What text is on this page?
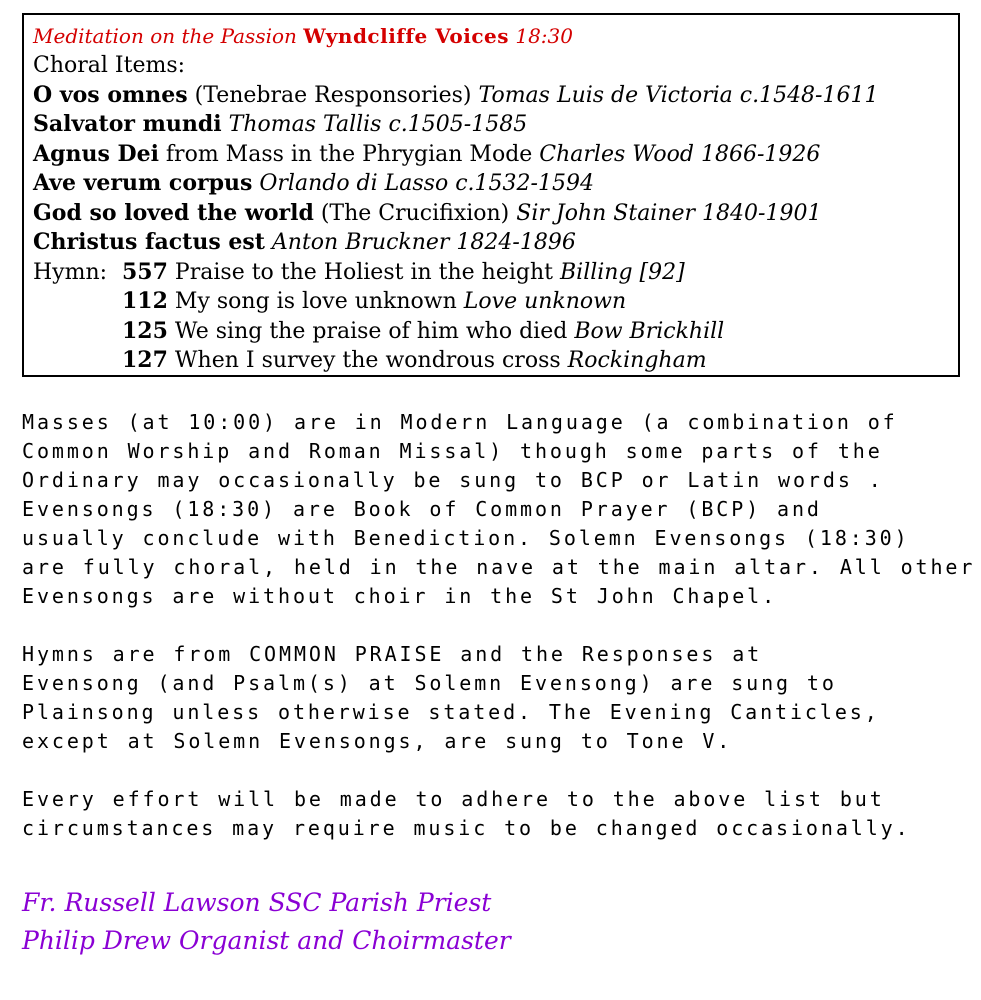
Meditation on the Passion Wyndcliffe Voices 18:30
Choral Items:
O vos omnes (Tenebrae Responsories) Tomas Luis de Victoria c.1548-1611
Salvator mundi Thomas Tallis c.1505-1585
Agnus Dei from Mass in the Phrygian Mode Charles Wood 1866-1926
Ave verum corpus Orlando di Lasso c.1532-1594
God so loved the world (The Crucifixion) Sir John Stainer 1840-1901
Christus factus est Anton Bruckner 1824-1896
Hymn: 557 Praise to the Holiest in the height Billing [92]
112 My song is love unknown Love unknown
125 We sing the praise of him who died Bow Brickhill
127 When I survey the wondrous cross Rockingham

Masses (at 10:00) are in Modern Language (a combination of
Common Worship and Roman Missal) though some parts of the
Ordinary may occasionally be sung to BCP or Latin words .
Evensongs (18:30) are Book of Common Prayer (BCP) and
usually conclude with Benediction. Solemn Evensongs (18:30)
are fully choral, held in the nave at the main altar. All other
Evensongs are without choir in the St John Chapel.

Hymns are from COMMON PRAISE and the Responses at
Evensong (and Psalm(s) at Solemn Evensong) are sung to
Plainsong unless otherwise stated. The Evening Canticles,
except at Solemn Evensongs, are sung to Tone V.

Every effort will be made to adhere to the above list but
circumstances may require music to be changed occasionally.

Fr. Russell Lawson SSC Parish Priest
Philip Drew Organist and Choirmaster
